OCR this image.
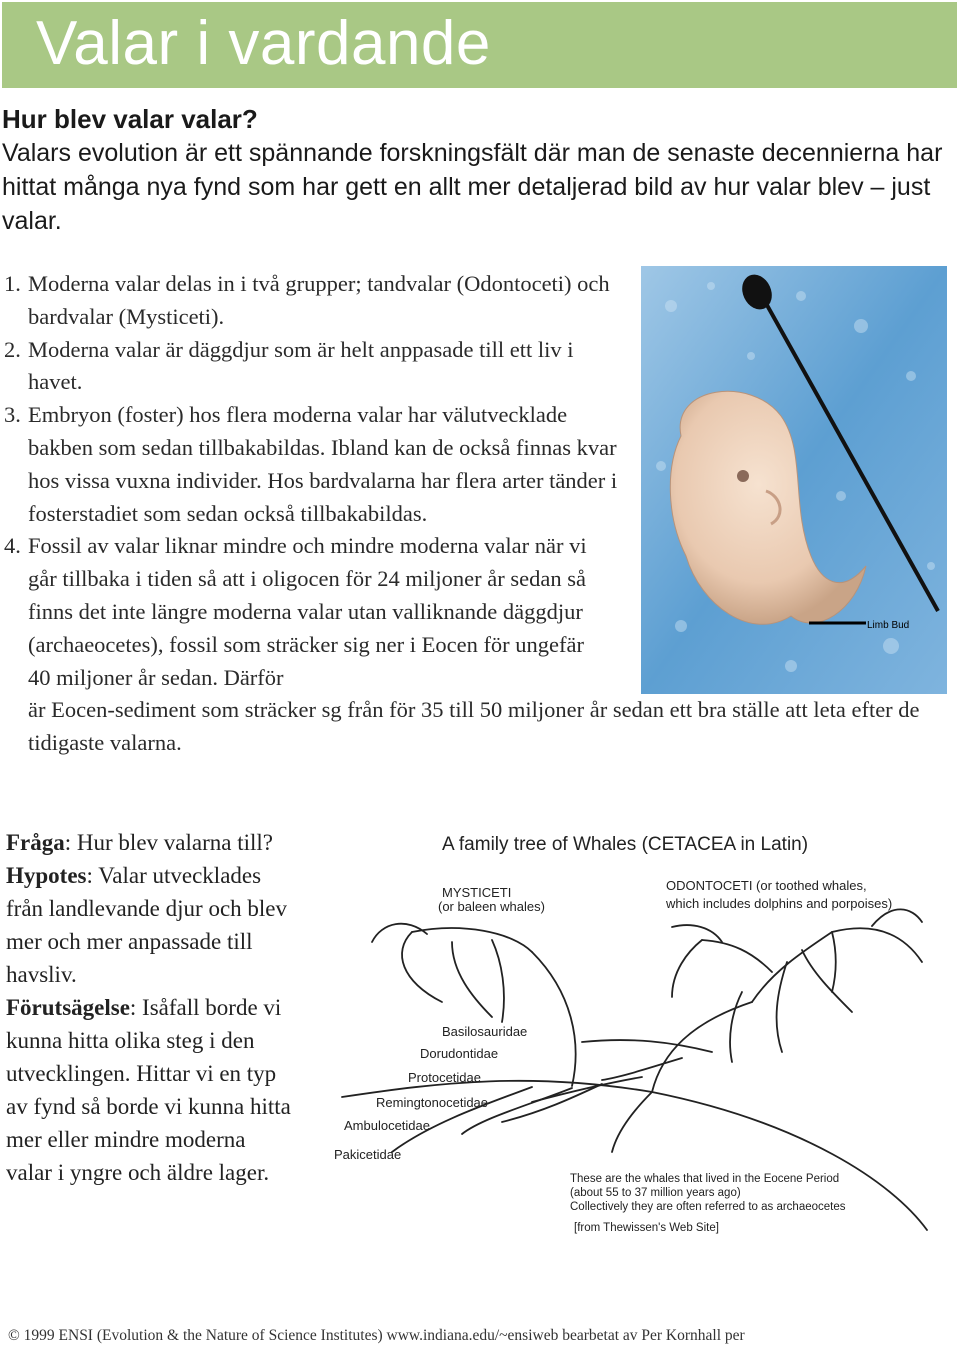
Valar i vardande
Hur blev valar valar?
Valars evolution är ett spännande forskningsfält där man de senaste decennierna har hittat många nya fynd som har gett en allt mer detaljerad bild av hur valar blev – just valar.
1. Moderna valar delas in i två grupper; tandvalar (Odontoceti) och bardvalar (Mysticeti).
2. Moderna valar är däggdjur som är helt anppasade till ett liv i havet.
3. Embryon (foster) hos flera moderna valar har välutvecklade bakben som sedan tillbakabildas. Ibland kan de också finnas kvar hos vissa vuxna individer. Hos bardvalarna har flera arter tänder i fosterstadiet som sedan också tillbakabildas.
4. Fossil av valar liknar mindre och mindre moderna valar när vi går tillbaka i tiden så att i oligocen för 24 miljoner år sedan så finns det inte längre moderna valar utan valliknande däggdjur (archaeocetes), fossil som sträcker sig ner i Eocen för ungefär 40 miljoner år sedan. Därför
är Eocen-sediment som sträcker sg från för 35 till 50 miljoner år sedan ett bra ställe att leta efter de tidigaste valarna.
Limb Bud
Fråga: Hur blev valarna till?
Hypotes: Valar utvecklades från landlevande djur och blev mer och mer anpassade till havsliv.
Förutsägelse: Isåfall borde vi kunna hitta olika steg i den utvecklingen. Hittar vi en typ av fynd så borde vi kunna hitta mer eller mindre moderna valar i yngre och äldre lager.
A family tree of Whales (CETACEA in Latin)
MYSTICETI
(or baleen whales)
ODONTOCETI (or toothed whales,
which includes dolphins and porpoises)
Basilosauridae
Dorudontidae
Protocetidae
Remingtonocetidae
Ambulocetidae
Pakicetidae
These are the whales that lived in the Eocene Period
(about 55 to 37 million years ago)
Collectively they are often referred to as archaeocetes
[from Thewissen's Web Site]
© 1999 ENSI (Evolution & the Nature of Science Institutes) www.indiana.edu/~ensiweb bearbetat av Per Kornhall per
